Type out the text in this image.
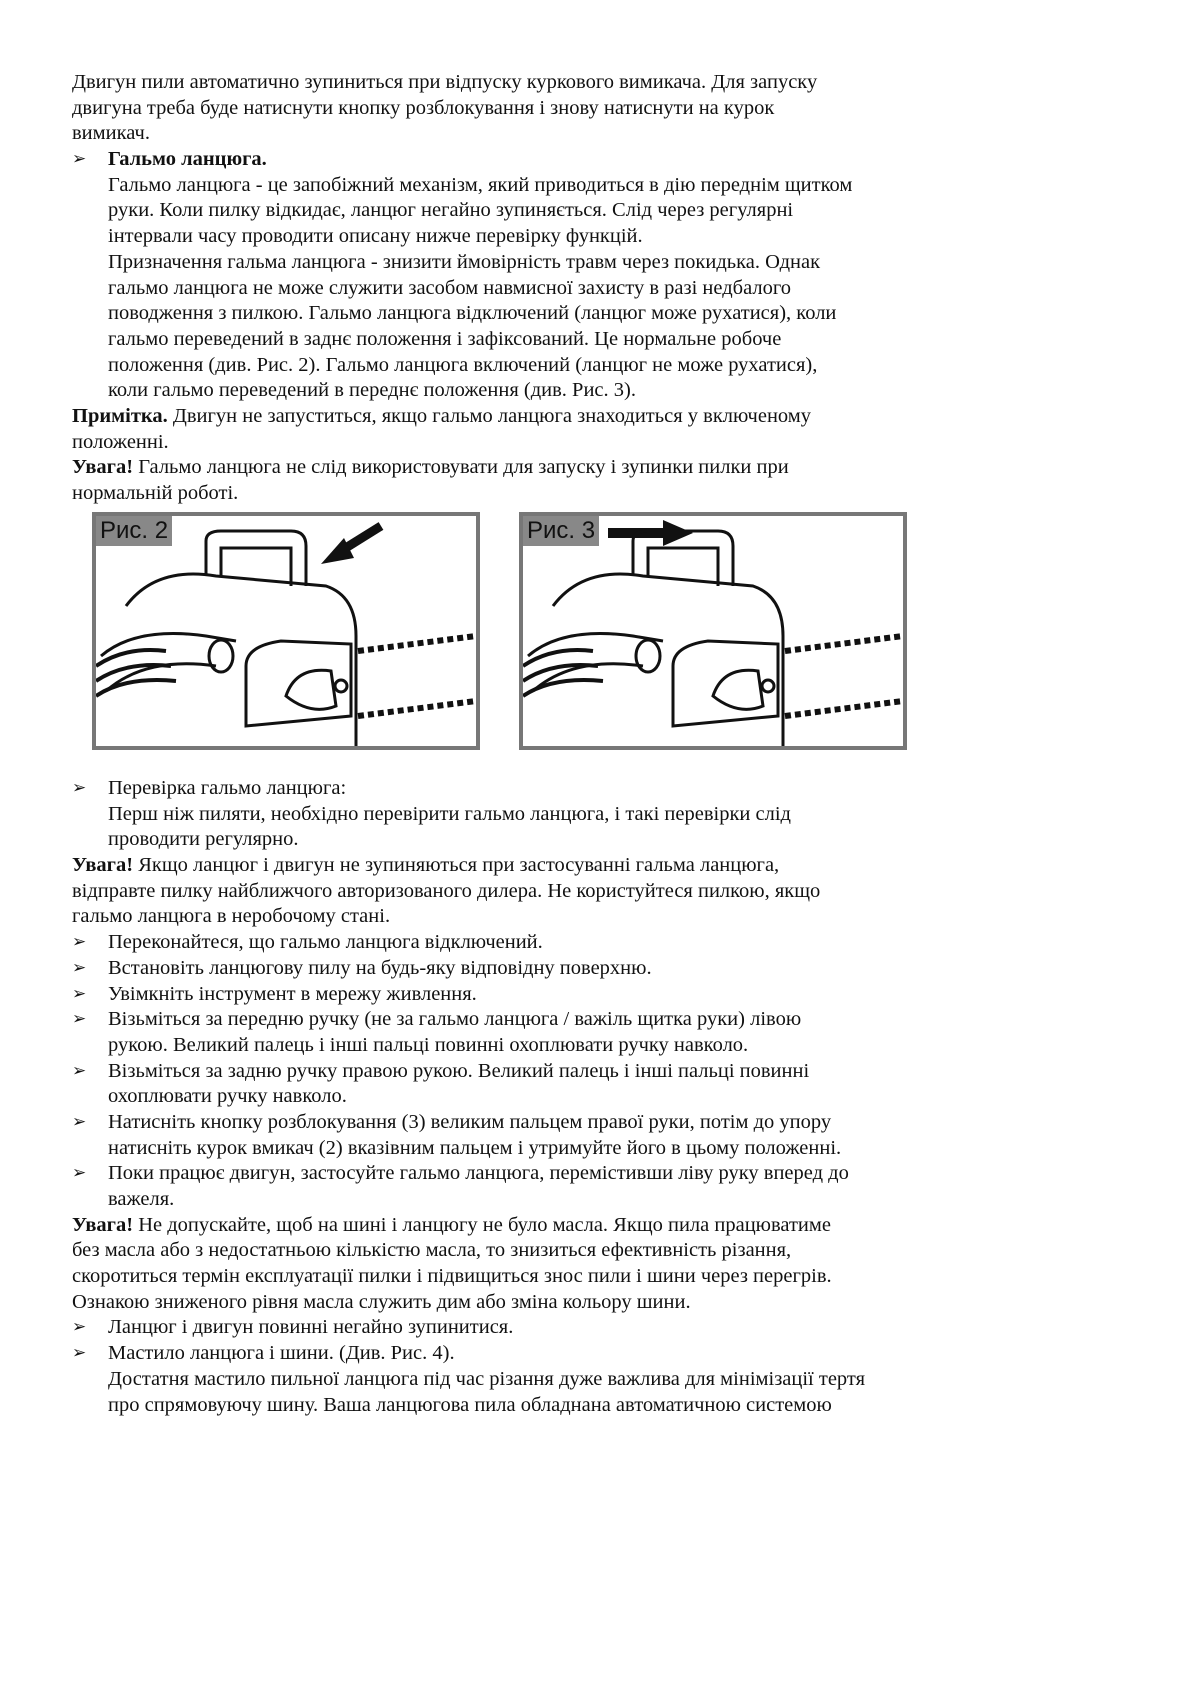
Двигун пили автоматично зупиниться при відпуску куркового вимикача. Для запуску
двигуна треба буде натиснути кнопку розблокування і знову натиснути на курок
вимикач.
➢ Гальмо ланцюга.
Гальмо ланцюга - це запобіжний механізм, який приводиться в дію переднім щитком
руки. Коли пилку відкидає, ланцюг негайно зупиняється. Слід через регулярні
інтервали часу проводити описану нижче перевірку функцій.
Призначення гальма ланцюга - знизити ймовірність травм через покидька. Однак
гальмо ланцюга не може служити засобом навмисної захисту в разі недбалого
поводження з пилкою. Гальмо ланцюга відключений (ланцюг може рухатися), коли
гальмо переведений в заднє положення і зафіксований. Це нормальне робоче
положення (див. Рис. 2). Гальмо ланцюга включений (ланцюг не може рухатися),
коли гальмо переведений в переднє положення (див. Рис. 3).
Примітка. Двигун не запуститься, якщо гальмо ланцюга знаходиться у включеному
положенні.
Увага! Гальмо ланцюга не слід використовувати для запуску і зупинки пилки при
нормальній роботі.
Рис. 2	Рис. 3
➢ Перевірка гальмо ланцюга:
Перш ніж пиляти, необхідно перевірити гальмо ланцюга, і такі перевірки слід
проводити регулярно.
Увага! Якщо ланцюг і двигун не зупиняються при застосуванні гальма ланцюга,
відправте пилку найближчого авторизованого дилера. Не користуйтеся пилкою, якщо
гальмо ланцюга в неробочому стані.
➢ Переконайтеся, що гальмо ланцюга відключений.
➢ Встановіть ланцюгову пилу на будь-яку відповідну поверхню.
➢ Увімкніть інструмент в мережу живлення.
➢ Візьміться за передню ручку (не за гальмо ланцюга / важіль щитка руки) лівою
рукою. Великий палець і інші пальці повинні охоплювати ручку навколо.
➢ Візьміться за задню ручку правою рукою. Великий палець і інші пальці повинні
охоплювати ручку навколо.
➢ Натисніть кнопку розблокування (3) великим пальцем правої руки, потім до упору
натисніть курок вмикач (2) вказівним пальцем і утримуйте його в цьому положенні.
➢ Поки працює двигун, застосуйте гальмо ланцюга, перемістивши ліву руку вперед до
важеля.
Увага! Не допускайте, щоб на шині і ланцюгу не було масла. Якщо пила працюватиме
без масла або з недостатньою кількістю масла, то знизиться ефективність різання,
скоротиться термін експлуатації пилки і підвищиться знос пили і шини через перегрів.
Ознакою зниженого рівня масла служить дим або зміна кольору шини.
➢ Ланцюг і двигун повинні негайно зупинитися.
➢ Мастило ланцюга і шини. (Див. Рис. 4).
Достатня мастило пильної ланцюга під час різання дуже важлива для мінімізації тертя
про спрямовуючу шину. Ваша ланцюгова пила обладнана автоматичною системою
